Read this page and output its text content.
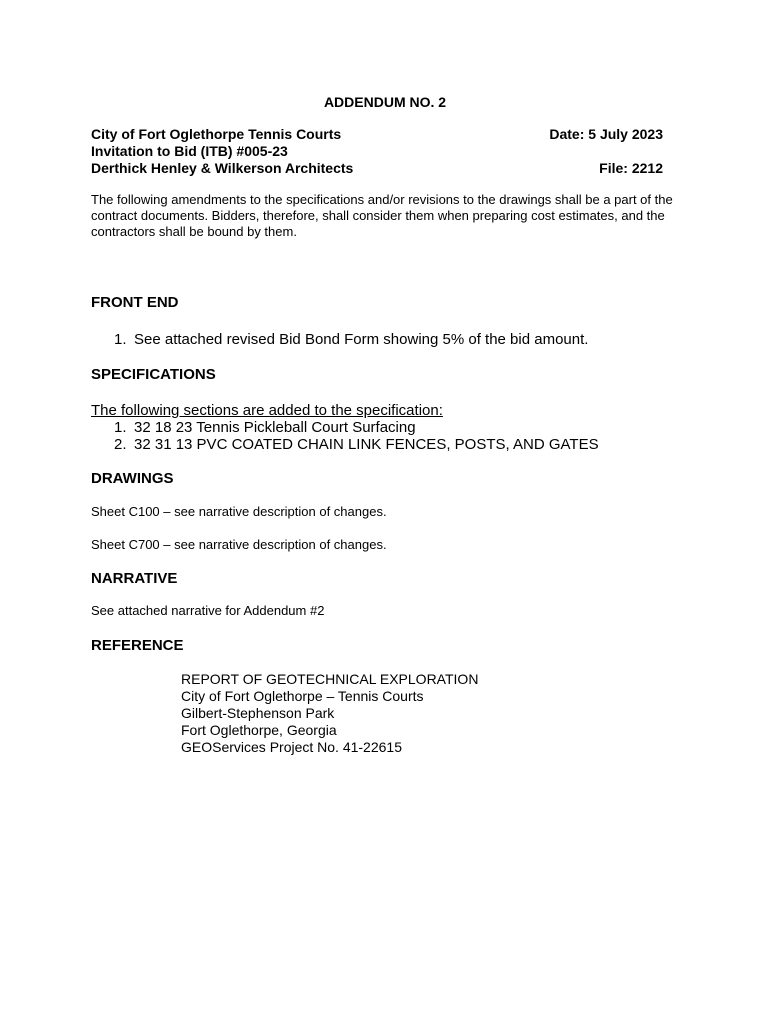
ADDENDUM NO. 2
City of Fort Oglethorpe Tennis Courts
Invitation to Bid (ITB) #005-23
Derthick Henley & Wilkerson Architects
Date: 5 July 2023
File: 2212
The following amendments to the specifications and/or revisions to the drawings shall be a part of the contract documents. Bidders, therefore, shall consider them when preparing cost estimates, and the contractors shall be bound by them.
FRONT END
1. See attached revised Bid Bond Form showing 5% of the bid amount.
SPECIFICATIONS
The following sections are added to the specification:
1. 32 18 23 Tennis Pickleball Court Surfacing
2. 32 31 13 PVC COATED CHAIN LINK FENCES, POSTS, AND GATES
DRAWINGS
Sheet C100 – see narrative description of changes.
Sheet C700 – see narrative description of changes.
NARRATIVE
See attached narrative for Addendum #2
REFERENCE
REPORT OF GEOTECHNICAL EXPLORATION
City of Fort Oglethorpe – Tennis Courts
Gilbert-Stephenson Park
Fort Oglethorpe, Georgia
GEOServices Project No. 41-22615
